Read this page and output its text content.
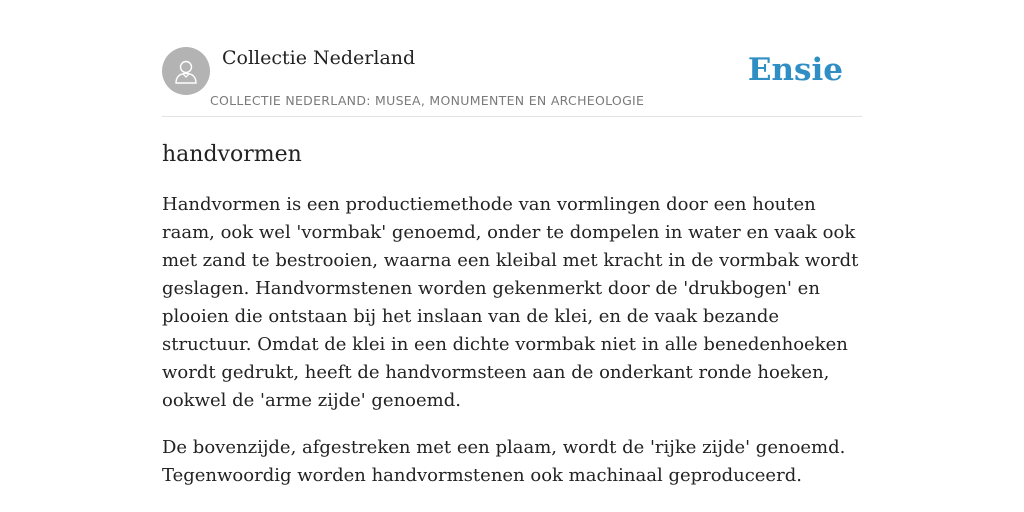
Collectie Nederland
COLLECTIE NEDERLAND: MUSEA, MONUMENTEN EN ARCHEOLOGIE
Ensie
handvormen

Handvormen is een productiemethode van vormlingen door een houten raam, ook wel 'vormbak' genoemd, onder te dompelen in water en vaak ook met zand te bestrooien, waarna een kleibal met kracht in de vormbak wordt geslagen. Handvormstenen worden gekenmerkt door de 'drukbogen' en plooien die ontstaan bij het inslaan van de klei, en de vaak bezande structuur. Omdat de klei in een dichte vormbak niet in alle benedenhoeken wordt gedrukt, heeft de handvormsteen aan de onderkant ronde hoeken, ookwel de 'arme zijde' genoemd.

De bovenzijde, afgestreken met een plaam, wordt de 'rijke zijde' genoemd. Tegenwoordig worden handvormstenen ook machinaal geproduceerd.
